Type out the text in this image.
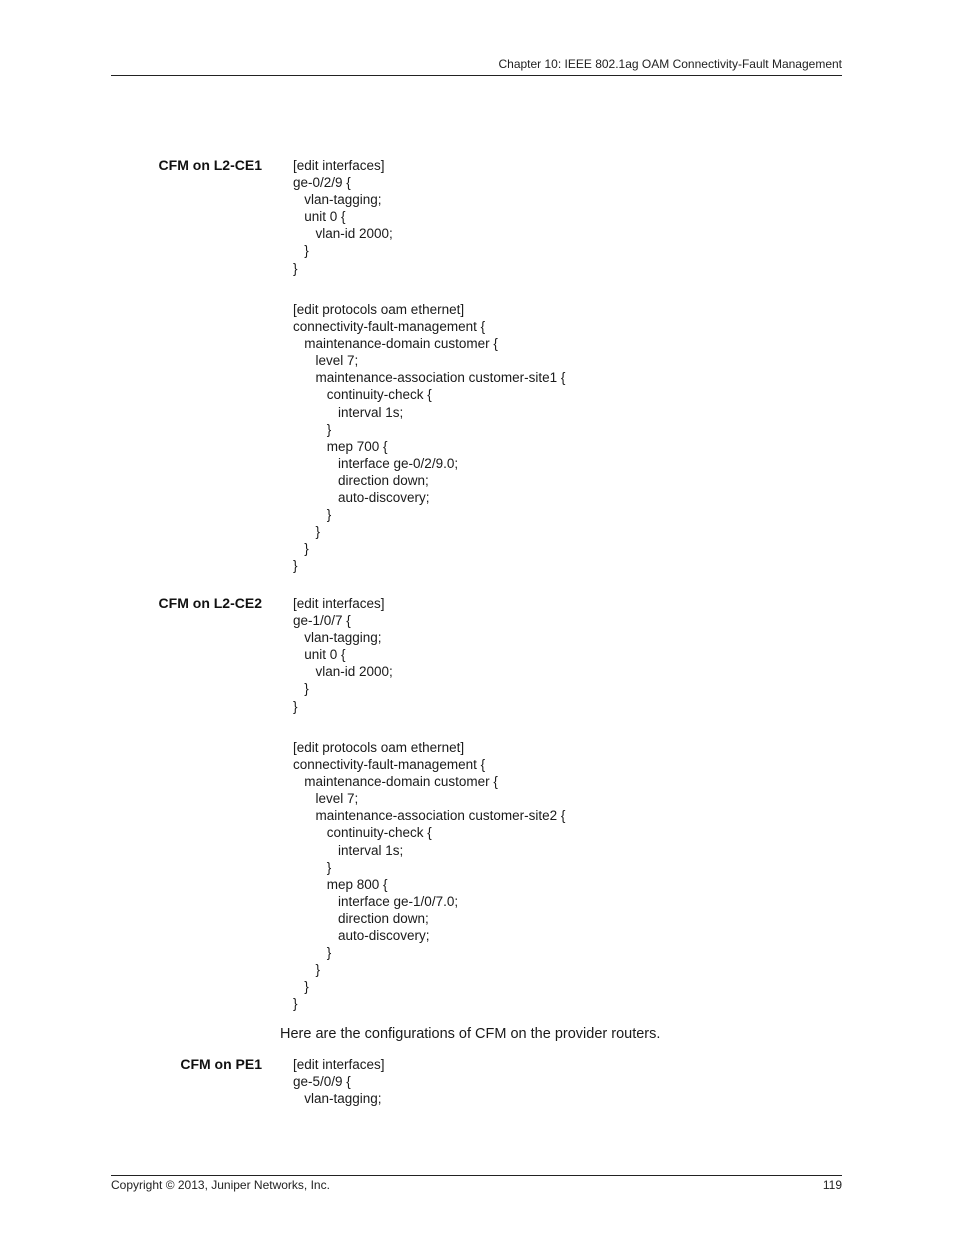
Chapter 10: IEEE 802.1ag OAM Connectivity-Fault Management
CFM on L2-CE1 [edit interfaces]
ge-0/2/9 {
vlan-tagging;
unit 0 {
vlan-id 2000;
}
}
[edit protocols oam ethernet]
connectivity-fault-management {
maintenance-domain customer {
level 7;
maintenance-association customer-site1 {
continuity-check {
interval 1s;
}
mep 700 {
interface ge-0/2/9.0;
direction down;
auto-discovery;
}
}
}
}
CFM on L2-CE2 [edit interfaces]
ge-1/0/7 {
vlan-tagging;
unit 0 {
vlan-id 2000;
}
}
[edit protocols oam ethernet]
connectivity-fault-management {
maintenance-domain customer {
level 7;
maintenance-association customer-site2 {
continuity-check {
interval 1s;
}
mep 800 {
interface ge-1/0/7.0;
direction down;
auto-discovery;
}
}
}
}
Here are the configurations of CFM on the provider routers.
CFM on PE1 [edit interfaces]
ge-5/0/9 {
vlan-tagging;
Copyright © 2013, Juniper Networks, Inc.	119
